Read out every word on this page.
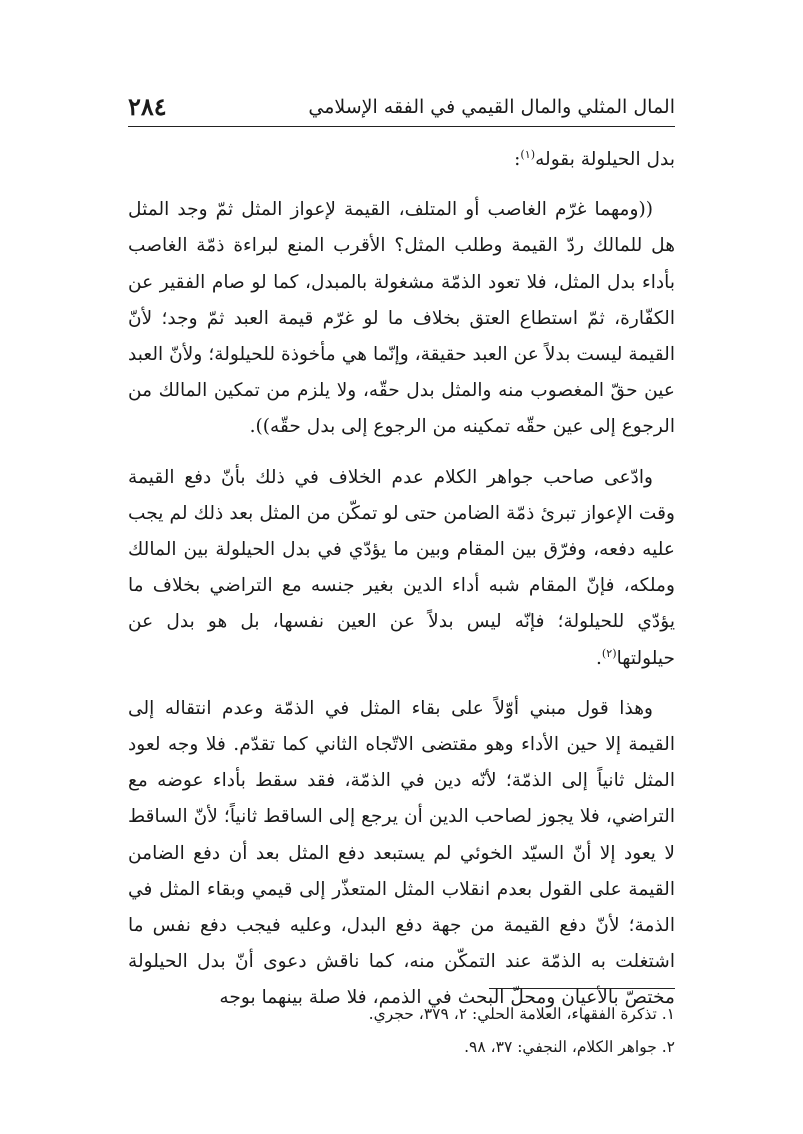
المال المثلي والمال القيمي في الفقه الإسلامي
٢٨٤

بدل الحيلولة بقوله$^{(١)}$:

((ومهما غرّم الغاصب أو المتلف، القيمة لإعواز المثل ثمّ وجد المثل هل للمالك ردّ القيمة وطلب المثل؟ الأقرب المنع لبراءة ذمّة الغاصب بأداء بدل المثل، فلا تعود الذمّة مشغولة بالمبدل، كما لو صام الفقير عن الكفّارة، ثمّ استطاع العتق بخلاف ما لو غرّم قيمة العبد ثمّ وجد؛ لأنّ القيمة ليست بدلاً عن العبد حقيقة، وإنّما هي مأخوذة للحيلولة؛ ولأنّ العبد عين حقّ المغصوب منه والمثل بدل حقّه، ولا يلزم من تمكين المالك من الرجوع إلى عين حقّه تمكينه من الرجوع إلى بدل حقّه)).

وادّعى صاحب جواهر الكلام عدم الخلاف في ذلك بأنّ دفع القيمة وقت الإعواز تبرئ ذمّة الضامن حتى لو تمكّن من المثل بعد ذلك لم يجب عليه دفعه، وفرّق بين المقام وبين ما يؤدّي في بدل الحيلولة بين المالك وملكه، فإنّ المقام شبه أداء الدين بغير جنسه مع التراضي بخلاف ما يؤدّي للحيلولة؛ فإنّه ليس بدلاً عن العين نفسها، بل هو بدل عن حيلولتها$^{(٢)}$.

وهذا قول مبني أوّلاً على بقاء المثل في الذمّة وعدم انتقاله إلى القيمة إلا حين الأداء وهو مقتضى الاتّجاه الثاني كما تقدّم. فلا وجه لعود المثل ثانياً إلى الذمّة؛ لأنّه دين في الذمّة، فقد سقط بأداء عوضه مع التراضي، فلا يجوز لصاحب الدين أن يرجع إلى الساقط ثانياً؛ لأنّ الساقط لا يعود إلا أنّ السيّد الخوئي لم يستبعد دفع المثل بعد أن دفع الضامن القيمة على القول بعدم انقلاب المثل المتعذّر إلى قيمي وبقاء المثل في الذمة؛ لأنّ دفع القيمة من جهة دفع البدل، وعليه فيجب دفع نفس ما اشتغلت به الذمّة عند التمكّن منه، كما ناقش دعوى أنّ بدل الحيلولة مختصّ بالأعيان ومحلّ البحث في الذمم، فلا صلة بينهما بوجه

١. تذكرة الفقهاء، العلامة الحلي: ٢، ٣٧٩، حجري.
٢. جواهر الكلام، النجفي: ٣٧، ٩٨.
